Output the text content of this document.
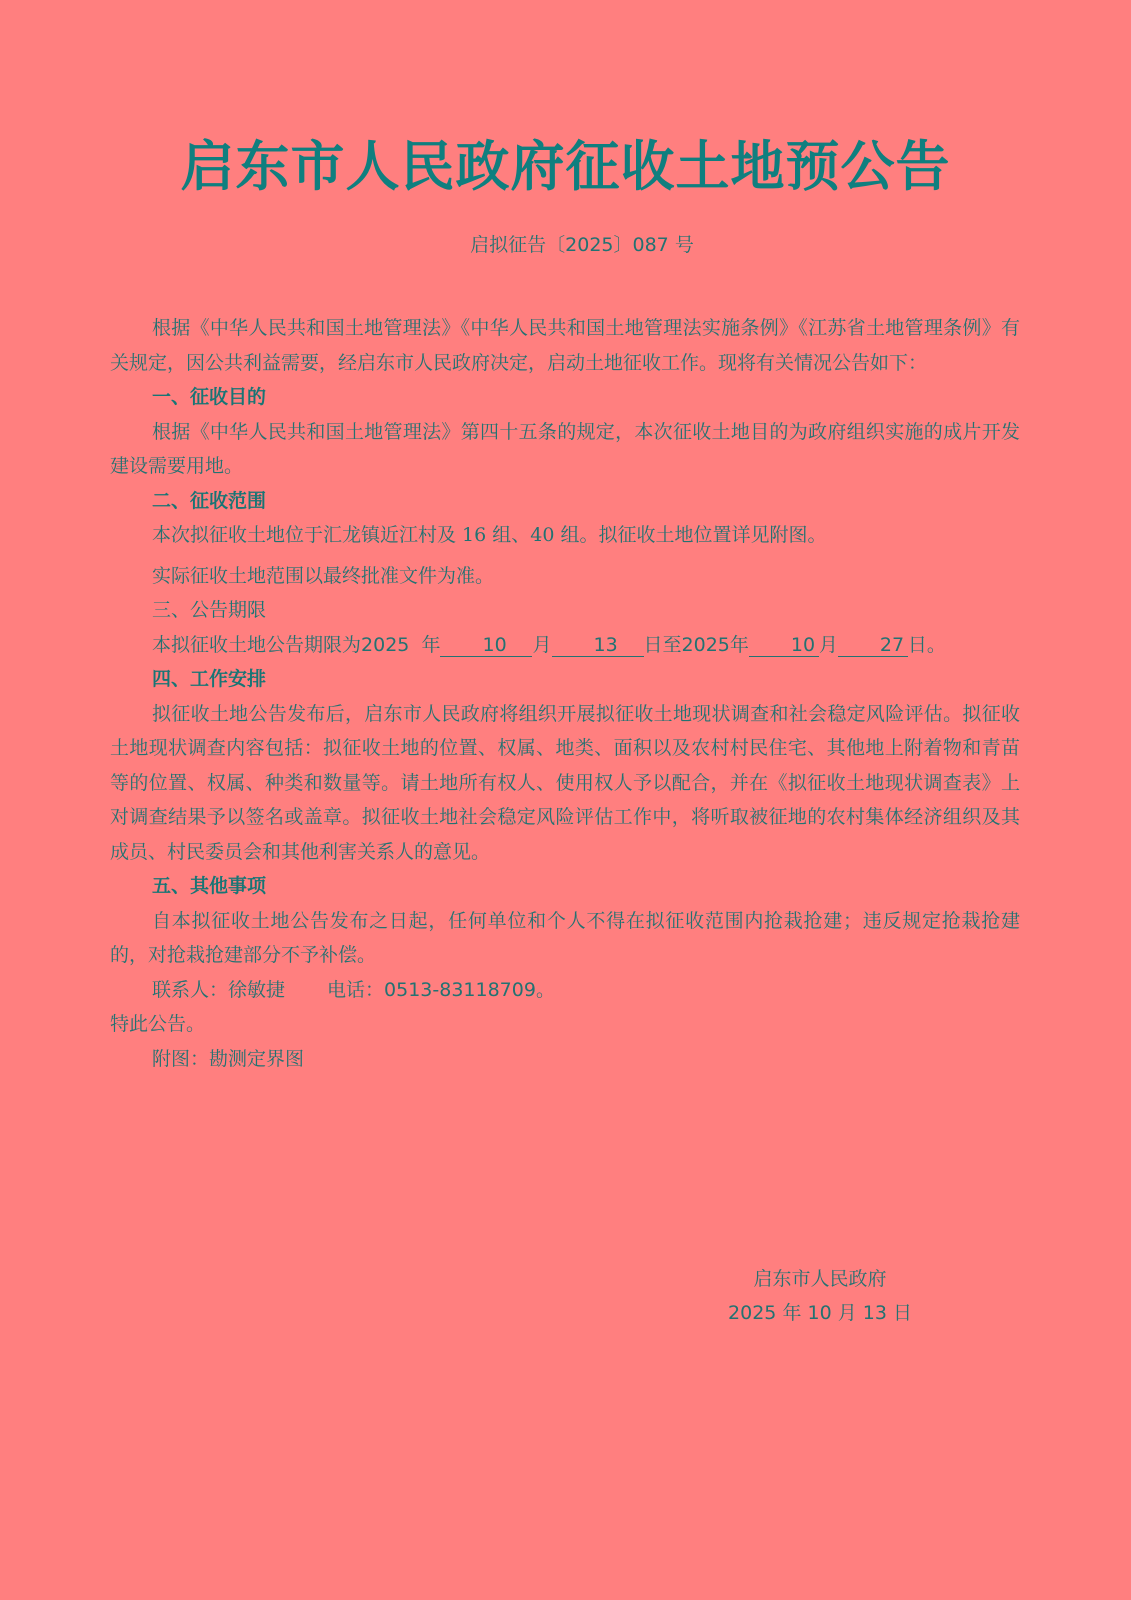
启东市人民政府征收土地预公告
启拟征告〔2025〕087 号

根据《中华人民共和国土地管理法》《中华人民共和国土地管理法实施条例》《江苏省土地管理条例》有关规定，因公共利益需要，经启东市人民政府决定，启动土地征收工作。现将有关情况公告如下：

一、征收目的

根据《中华人民共和国土地管理法》第四十五条的规定，本次征收土地目的为政府组织实施的成片开发建设需要用地。

二、征收范围

本次拟征收土地位于汇龙镇近江村及 16 组、40 组。拟征收土地位置详见附图。

实际征收土地范围以最终批准文件为准。

三、公告期限

本拟征收土地公告期限为2025 年 10 月 13 日至2025年 10 月 27 日。

四、工作安排

拟征收土地公告发布后，启东市人民政府将组织开展拟征收土地现状调查和社会稳定风险评估。拟征收土地现状调查内容包括：拟征收土地的位置、权属、地类、面积以及农村村民住宅、其他地上附着物和青苗等的位置、权属、种类和数量等。请土地所有权人、使用权人予以配合，并在《拟征收土地现状调查表》上对调查结果予以签名或盖章。拟征收土地社会稳定风险评估工作中，将听取被征地的农村集体经济组织及其成员、村民委员会和其他利害关系人的意见。

五、其他事项

自本拟征收土地公告发布之日起，任何单位和个人不得在拟征收范围内抢栽抢建；违反规定抢栽抢建的，对抢栽抢建部分不予补偿。

联系人：徐敏捷 电话：0513-83118709。

特此公告。

附图：勘测定界图

启东市人民政府
2025 年 10 月 13 日
